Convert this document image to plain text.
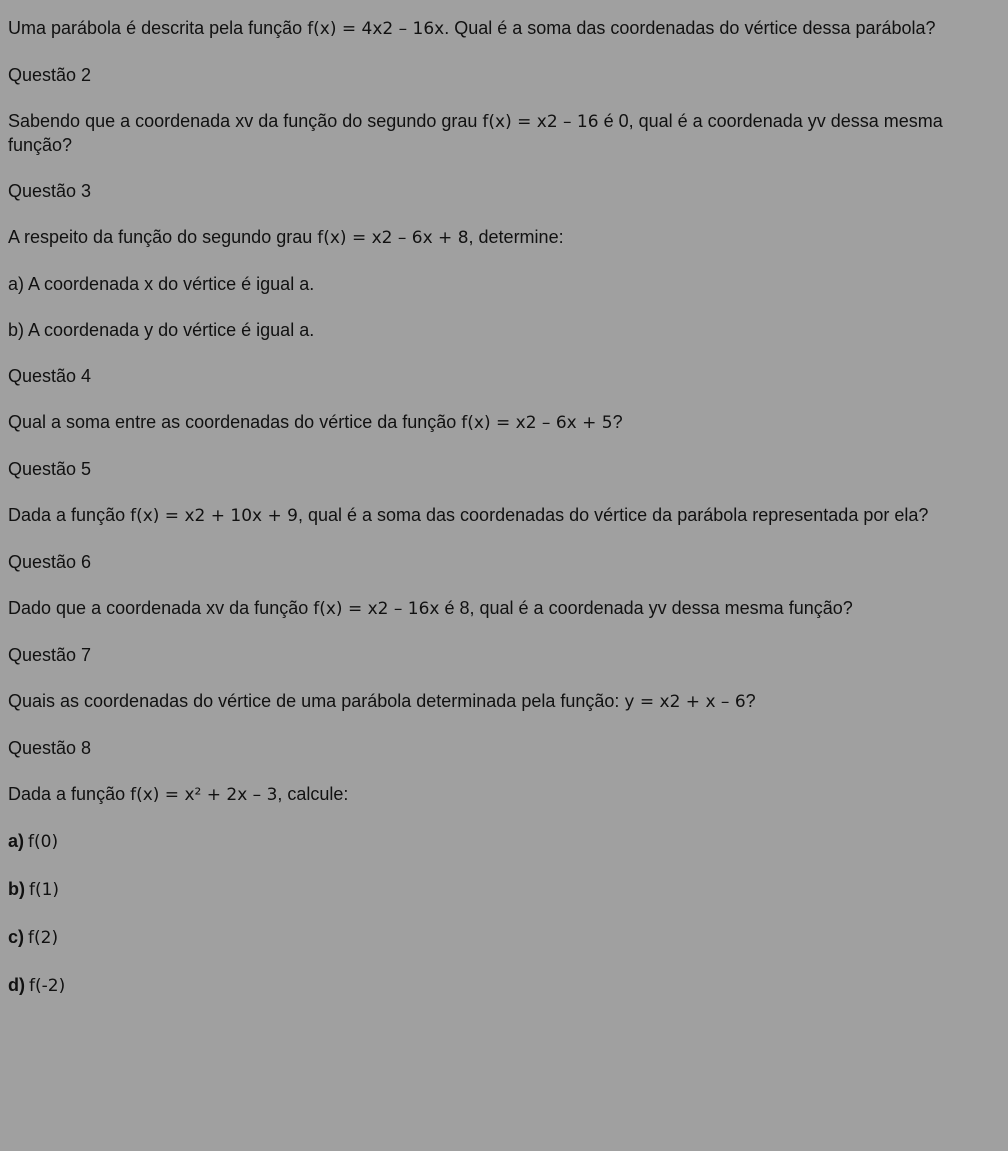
Uma parábola é descrita pela função f(x) = 4x2 – 16x. Qual é a soma das coordenadas do vértice dessa parábola?
Questão 2
Sabendo que a coordenada xv da função do segundo grau f(x) = x2 – 16 é 0, qual é a coordenada yv dessa mesma função?
Questão 3
A respeito da função do segundo grau f(x) = x2 – 6x + 8, determine:
a) A coordenada x do vértice é igual a.
b) A coordenada y do vértice é igual a.
Questão 4
Qual a soma entre as coordenadas do vértice da função f(x) = x2 – 6x + 5?
Questão 5
Dada a função f(x) = x2 + 10x + 9, qual é a soma das coordenadas do vértice da parábola representada por ela?
Questão 6
Dado que a coordenada xv da função f(x) = x2 – 16x é 8, qual é a coordenada yv dessa mesma função?
Questão 7
Quais as coordenadas do vértice de uma parábola determinada pela função: y = x2 + x – 6?
Questão 8
Dada a função f(x) = x² + 2x – 3, calcule:
a) f(0)
b) f(1)
c) f(2)
d) f(-2)
